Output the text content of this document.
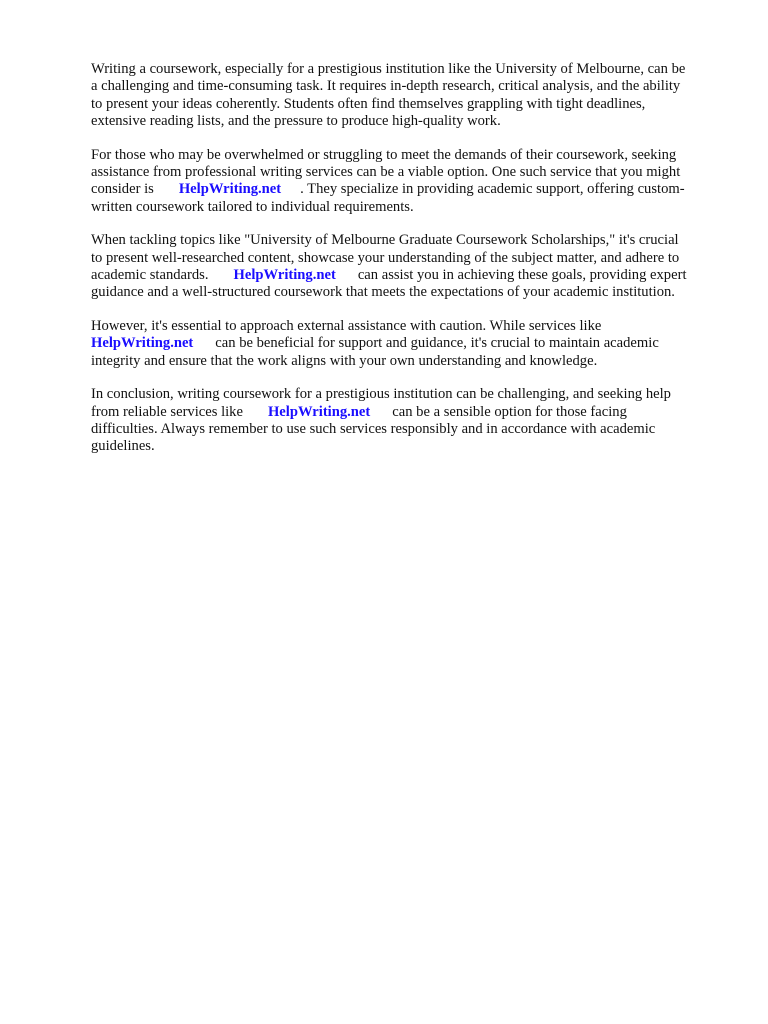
Writing a coursework, especially for a prestigious institution like the University of Melbourne, can be
a challenging and time-consuming task. It requires in-depth research, critical analysis, and the ability
to present your ideas coherently. Students often find themselves grappling with tight deadlines,
extensive reading lists, and the pressure to produce high-quality work.

For those who may be overwhelmed or struggling to meet the demands of their coursework, seeking
assistance from professional writing services can be a viable option. One such service that you might
consider is HelpWriting.net . They specialize in providing academic support, offering custom-
written coursework tailored to individual requirements.

When tackling topics like "University of Melbourne Graduate Coursework Scholarships," it's crucial
to present well-researched content, showcase your understanding of the subject matter, and adhere to
academic standards. HelpWriting.net can assist you in achieving these goals, providing expert
guidance and a well-structured coursework that meets the expectations of your academic institution.

However, it's essential to approach external assistance with caution. While services like
HelpWriting.net can be beneficial for support and guidance, it's crucial to maintain academic
integrity and ensure that the work aligns with your own understanding and knowledge.

In conclusion, writing coursework for a prestigious institution can be challenging, and seeking help
from reliable services like HelpWriting.net can be a sensible option for those facing
difficulties. Always remember to use such services responsibly and in accordance with academic
guidelines.
